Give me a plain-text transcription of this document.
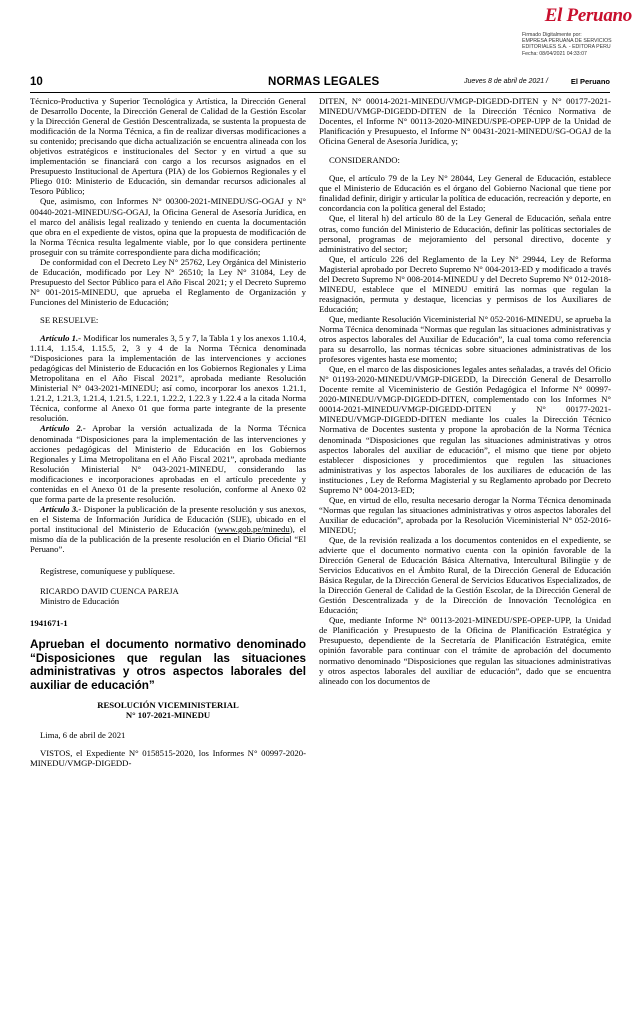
El Peruano
Firmado Digitalmente por:
EMPRESA PERUANA DE SERVICIOS
EDITORIALES S.A. - EDITORA PERU
Fecha: 08/04/2021 04:33:07
10	NORMAS LEGALES	Jueves 8 de abril de 2021 /	El Peruano

Técnico-Productiva y Superior Tecnológica y Artística, la Dirección General de Desarrollo Docente, la Dirección General de Calidad de la Gestión Escolar y la Dirección General de Gestión Descentralizada, se sustenta la propuesta de modificación de la Norma Técnica, a fin de realizar diversas modificaciones a su contenido; precisando que dicha actualización se encuentra alineada con los objetivos estratégicos e institucionales del Sector y en virtud a que su implementación se financiará con cargo a los recursos asignados en el Presupuesto Institucional de Apertura (PIA) de los Gobiernos Regionales y el Pliego 010: Ministerio de Educación, sin demandar recursos adicionales al Tesoro Público;

Que, asimismo, con Informes N° 00300-2021-MINEDU/SG-OGAJ y N° 00440-2021-MINEDU/SG-OGAJ, la Oficina General de Asesoría Jurídica, en el marco del análisis legal realizado y teniendo en cuenta la documentación que obra en el expediente de vistos, opina que la propuesta de modificación de la Norma Técnica resulta legalmente viable, por lo que considera pertinente proseguir con su trámite correspondiente para dicha modificación;

De conformidad con el Decreto Ley N° 25762, Ley Orgánica del Ministerio de Educación, modificado por Ley N° 26510; la Ley N° 31084, Ley de Presupuesto del Sector Público para el Año Fiscal 2021; y el Decreto Supremo N° 001-2015-MINEDU, que aprueba el Reglamento de Organización y Funciones del Ministerio de Educación;

SE RESUELVE:

Artículo 1.- Modificar los numerales 3, 5 y 7, la Tabla 1 y los anexos 1.10.4, 1.11.4, 1.15.4, 1.15.5, 2, 3 y 4 de la Norma Técnica denominada “Disposiciones para la implementación de las intervenciones y acciones pedagógicas del Ministerio de Educación en los Gobiernos Regionales y Lima Metropolitana en el Año Fiscal 2021”, aprobada mediante Resolución Ministerial N° 043-2021-MINEDU; así como, incorporar los anexos 1.21.1, 1.21.2, 1.21.3, 1.21.4, 1.21.5, 1.22.1, 1.22.2, 1.22.3 y 1.22.4 a la citada Norma Técnica, conforme al Anexo 01 que forma parte integrante de la presente resolución.

Artículo 2.- Aprobar la versión actualizada de la Norma Técnica denominada “Disposiciones para la implementación de las intervenciones y acciones pedagógicas del Ministerio de Educación en los Gobiernos Regionales y Lima Metropolitana en el Año Fiscal 2021”, aprobada mediante Resolución Ministerial N° 043-2021-MINEDU, considerando las modificaciones e incorporaciones aprobadas en el artículo precedente y contenidas en el Anexo 01 de la presente resolución, conforme al Anexo 02 que forma parte de la presente resolución.

Artículo 3.- Disponer la publicación de la presente resolución y sus anexos, en el Sistema de Información Jurídica de Educación (SIJE), ubicado en el portal institucional del Ministerio de Educación (www.gob.pe/minedu), el mismo día de la publicación de la presente resolución en el Diario Oficial “El Peruano”.

Regístrese, comuníquese y publíquese.

RICARDO DAVID CUENCA PAREJA

Ministro de Educación

1941671-1

Aprueban el documento normativo denominado “Disposiciones que regulan las situaciones administrativas y otros aspectos laborales del auxiliar de educación”

RESOLUCIÓN VICEMINISTERIAL

N° 107-2021-MINEDU

Lima, 6 de abril de 2021

VISTOS, el Expediente N° 0158515-2020, los Informes N° 00997-2020-MINEDU/VMGP-DIGEDD-

DITEN, N° 00014-2021-MINEDU/VMGP-DIGEDD-DITEN y N° 00177-2021-MINEDU/VMGP-DIGEDD-DITEN de la Dirección Técnico Normativa de Docentes, el Informe N° 00113-2020-MINEDU/SPE-OPEP-UPP de la Unidad de Planificación y Presupuesto, el Informe N° 00431-2021-MINEDU/SG-OGAJ de la Oficina General de Asesoría Jurídica, y;

CONSIDERANDO:

Que, el artículo 79 de la Ley N° 28044, Ley General de Educación, establece que el Ministerio de Educación es el órgano del Gobierno Nacional que tiene por finalidad definir, dirigir y articular la política de educación, recreación y deporte, en concordancia con la política general del Estado;

Que, el literal h) del artículo 80 de la Ley General de Educación, señala entre otras, como función del Ministerio de Educación, definir las políticas sectoriales de personal, programas de mejoramiento del personal directivo, docente y administrativo del sector;

Que, el artículo 226 del Reglamento de la Ley N° 29944, Ley de Reforma Magisterial aprobado por Decreto Supremo N° 004-2013-ED y modificado a través del Decreto Supremo N° 008-2014-MINEDU y del Decreto Supremo N° 012-2018-MINEDU, establece que el MINEDU emitirá las normas que regulan la reasignación, permuta y destaque, licencias y permisos de los Auxiliares de Educación;

Que, mediante Resolución Viceministerial N° 052-2016-MINEDU, se aprueba la Norma Técnica denominada “Normas que regulan las situaciones administrativas y otros aspectos laborales del Auxiliar de Educación”, la cual toma como referencia para su desarrollo, las normas técnicas sobre situaciones administrativas de los profesores vigentes hasta ese momento;

Que, en el marco de las disposiciones legales antes señaladas, a través del Oficio N° 01193-2020-MINEDU/VMGP-DIGEDD, la Dirección General de Desarrollo Docente remite al Viceministerio de Gestión Pedagógica el Informe N° 00997-2020-MINEDU/VMGP-DIGEDD-DITEN, complementado con los Informes N° 00014-2021-MINEDU/VMGP-DIGEDD-DITEN y N° 00177-2021-MINEDU/VMGP-DIGEDD-DITEN mediante los cuales la Dirección Técnico Normativa de Docentes sustenta y propone la aprobación de la Norma Técnica denominada “Disposiciones que regulan las situaciones administrativas y otros aspectos laborales del auxiliar de educación”, el mismo que tiene por objeto establecer disposiciones y procedimientos que regulen las situaciones administrativas y los aspectos laborales de los auxiliares de educación de las instituciones , Ley de Reforma Magisterial y su Reglamento aprobado por Decreto Supremo N° 004-2013-ED;

Que, en virtud de ello, resulta necesario derogar la Norma Técnica denominada “Normas que regulan las situaciones administrativas y otros aspectos laborales del Auxiliar de educación”, aprobada por la Resolución Viceministerial N° 052-2016-MINEDU;

Que, de la revisión realizada a los documentos contenidos en el expediente, se advierte que el documento normativo cuenta con la opinión favorable de la Dirección General de Educación Básica Alternativa, Intercultural Bilingüe y de Servicios Educativos en el Ámbito Rural, de la Dirección General de Educación Básica Regular, de la Dirección General de Servicios Educativos Especializados, de la Dirección General de Calidad de la Gestión Escolar, de la Dirección General de Gestión Descentralizada y de la Dirección de Innovación Tecnológica en Educación;

Que, mediante Informe N° 00113-2021-MINEDU/SPE-OPEP-UPP, la Unidad de Planificación y Presupuesto de la Oficina de Planificación Estratégica y Presupuesto, dependiente de la Secretaría de Planificación Estratégica, emite opinión favorable para continuar con el trámite de aprobación del documento normativo denominado “Disposiciones que regulan las situaciones administrativas y otros aspectos laborales del auxiliar de educación”, dado que se encuentra alineado con los documentos de
